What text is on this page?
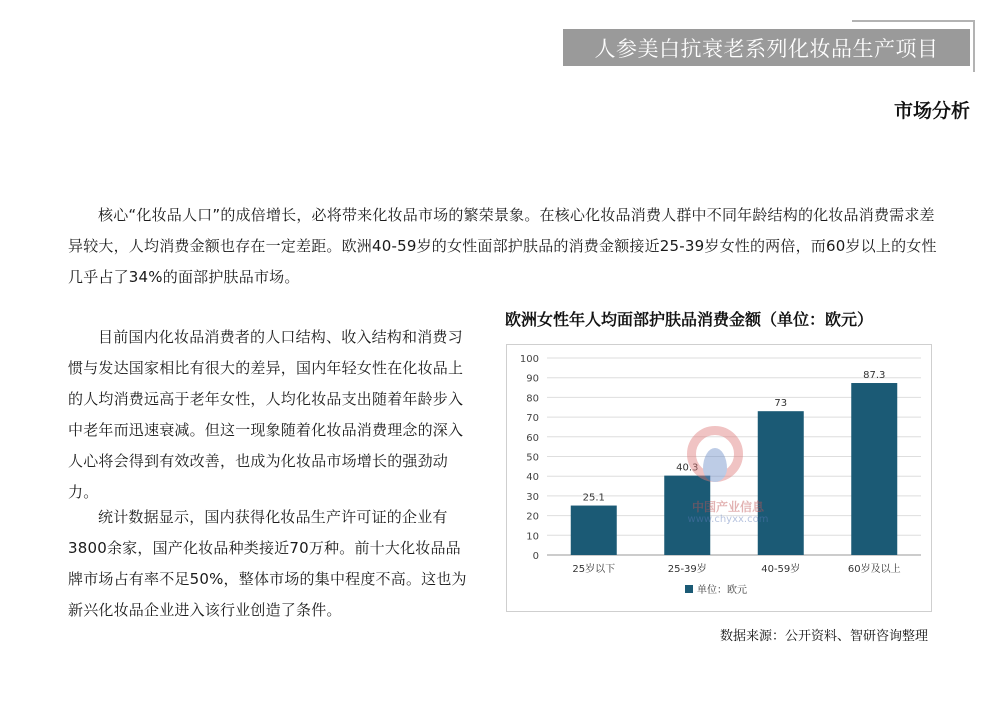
人参美白抗衰老系列化妆品生产项目
市场分析

核心“化妆品人口”的成倍增长，必将带来化妆品市场的繁荣景象。在核心化妆品消费人群中不同年龄结构的化妆品消费需求差异较大，人均消费金额也存在一定差距。欧洲40-59岁的女性面部护肤品的消费金额接近25-39岁女性的两倍，而60岁以上的女性几乎占了34%的面部护肤品市场。

目前国内化妆品消费者的人口结构、收入结构和消费习惯与发达国家相比有很大的差异，国内年轻女性在化妆品上的人均消费远高于老年女性，人均化妆品支出随着年龄步入中老年而迅速衰减。但这一现象随着化妆品消费理念的深入人心将会得到有效改善，也成为化妆品市场增长的强劲动力。

统计数据显示，国内获得化妆品生产许可证的企业有3800余家，国产化妆品种类接近70万种。前十大化妆品品牌市场占有率不足50%，整体市场的集中程度不高。这也为新兴化妆品企业进入该行业创造了条件。

欧洲女性年人均面部护肤品消费金额（单位：欧元）
0
10
20
30
40
50
60
70
80
90
100
25.1
25岁以下
40.3
25-39岁
73
40-59岁
87.3
60岁及以上
单位：欧元
中国产业信息
www.chyxx.com
数据来源：公开资料、智研咨询整理
